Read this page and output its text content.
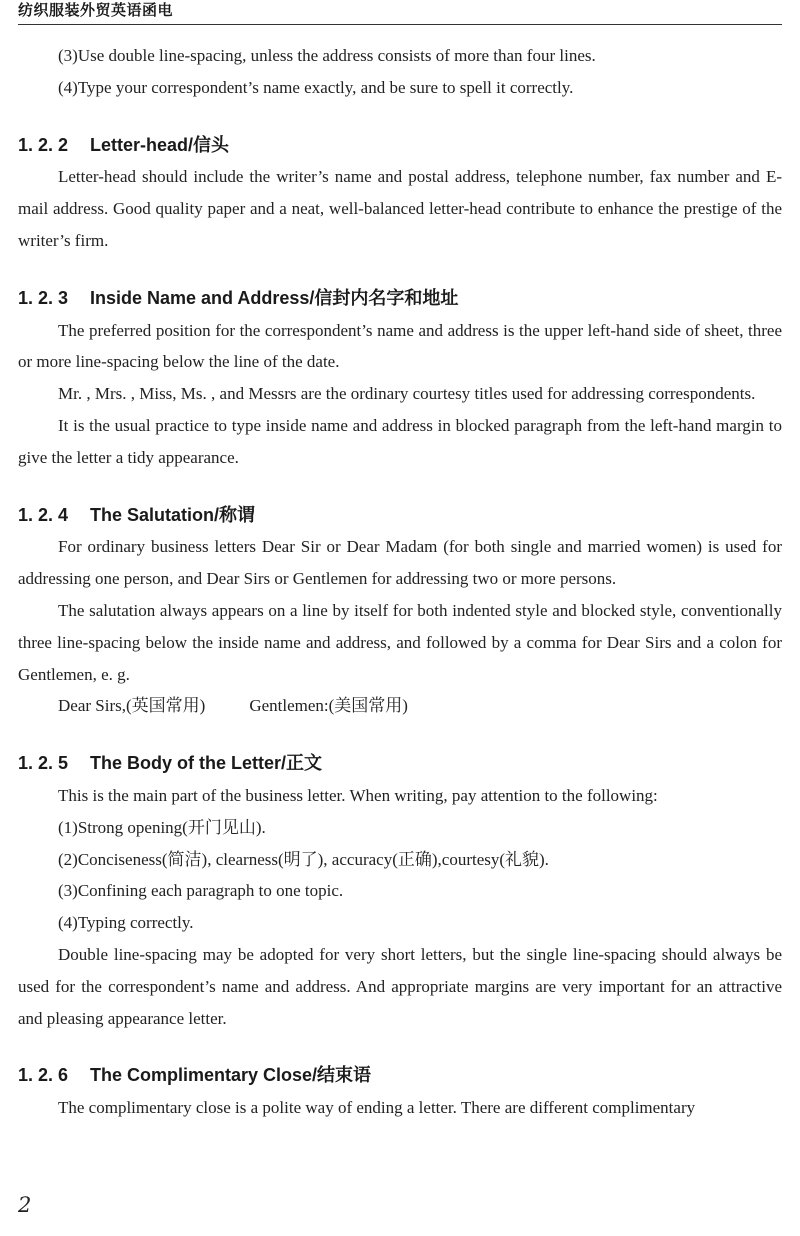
纺织服装外贸英语函电

(3)Use double line-spacing, unless the address consists of more than four lines.

(4)Type your correspondent’s name exactly, and be sure to spell it correctly.

1. 2. 2 Letter-head/信头

Letter-head should include the writer’s name and postal address, telephone number, fax number and E-mail address. Good quality paper and a neat, well-balanced letter-head contribute to enhance the prestige of the writer’s firm.

1. 2. 3 Inside Name and Address/信封内名字和地址

The preferred position for the correspondent’s name and address is the upper left-hand side of sheet, three or more line-spacing below the line of the date.

Mr. , Mrs. , Miss, Ms. , and Messrs are the ordinary courtesy titles used for addressing correspondents.

It is the usual practice to type inside name and address in blocked paragraph from the left-hand margin to give the letter a tidy appearance.

1. 2. 4 The Salutation/称谓

For ordinary business letters Dear Sir or Dear Madam (for both single and married women) is used for addressing one person, and Dear Sirs or Gentlemen for addressing two or more persons.

The salutation always appears on a line by itself for both indented style and blocked style, conventionally three line-spacing below the inside name and address, and followed by a comma for Dear Sirs and a colon for Gentlemen, e. g.

Dear Sirs,(英国常用)	Gentlemen:(美国常用)

1. 2. 5 The Body of the Letter/正文

This is the main part of the business letter. When writing, pay attention to the following:

(1)Strong opening(开门见山).

(2)Conciseness(简洁), clearness(明了), accuracy(正确),courtesy(礼貌).

(3)Confining each paragraph to one topic.

(4)Typing correctly.

Double line-spacing may be adopted for very short letters, but the single line-spacing should always be used for the correspondent’s name and address. And appropriate margins are very important for an attractive and pleasing appearance letter.

1. 2. 6 The Complimentary Close/结束语

The complimentary close is a polite way of ending a letter. There are different complimentary

2
